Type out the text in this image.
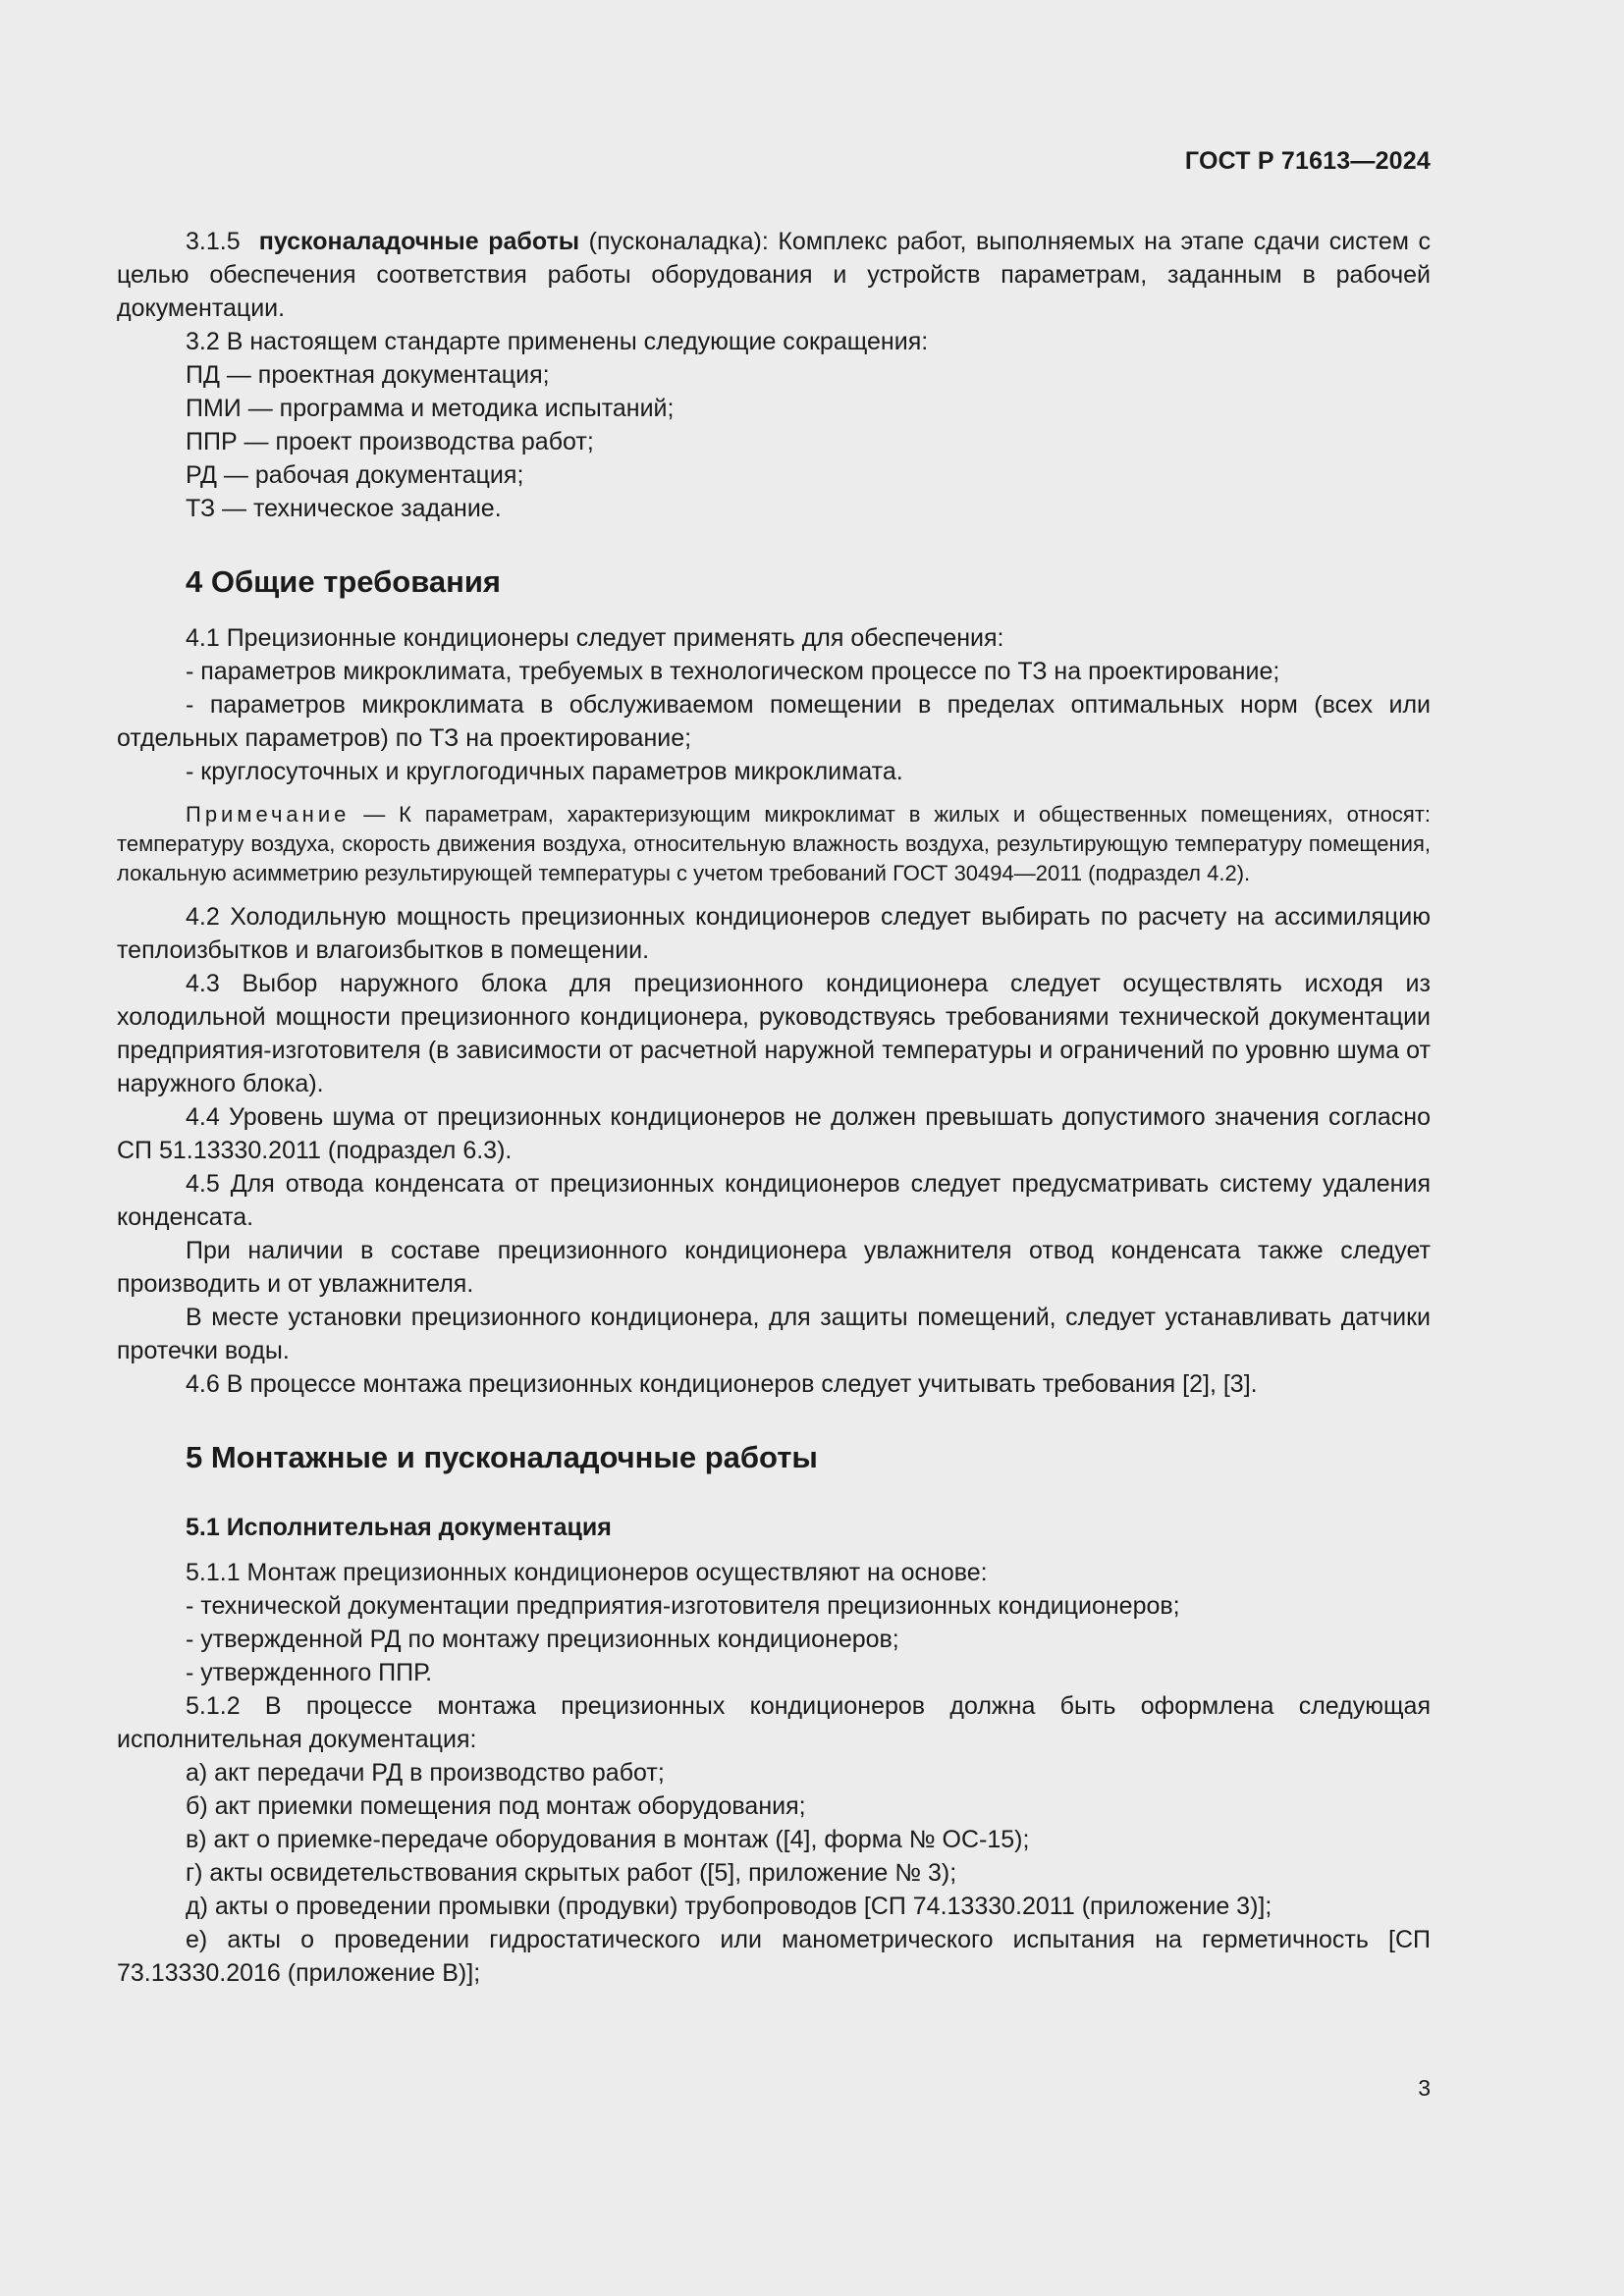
ГОСТ Р 71613—2024

3.1.5 пусконаладочные работы (пусконаладка): Комплекс работ, выполняемых на этапе сдачи систем с целью обеспечения соответствия работы оборудования и устройств параметрам, заданным в рабочей документации.

3.2 В настоящем стандарте применены следующие сокращения:

ПД — проектная документация;

ПМИ — программа и методика испытаний;

ППР — проект производства работ;

РД — рабочая документация;

ТЗ — техническое задание.

4 Общие требования

4.1 Прецизионные кондиционеры следует применять для обеспечения:

- параметров микроклимата, требуемых в технологическом процессе по ТЗ на проектирование;

- параметров микроклимата в обслуживаемом помещении в пределах оптимальных норм (всех или отдельных параметров) по ТЗ на проектирование;

- круглосуточных и круглогодичных параметров микроклимата.

Примечание — К параметрам, характеризующим микроклимат в жилых и общественных помещениях, относят: температуру воздуха, скорость движения воздуха, относительную влажность воздуха, результирующую температуру помещения, локальную асимметрию результирующей температуры с учетом требований ГОСТ 30494—2011 (подраздел 4.2).

4.2 Холодильную мощность прецизионных кондиционеров следует выбирать по расчету на ассимиляцию теплоизбытков и влагоизбытков в помещении.

4.3 Выбор наружного блока для прецизионного кондиционера следует осуществлять исходя из холодильной мощности прецизионного кондиционера, руководствуясь требованиями технической документации предприятия-изготовителя (в зависимости от расчетной наружной температуры и ограничений по уровню шума от наружного блока).

4.4 Уровень шума от прецизионных кондиционеров не должен превышать допустимого значения согласно СП 51.13330.2011 (подраздел 6.3).

4.5 Для отвода конденсата от прецизионных кондиционеров следует предусматривать систему удаления конденсата.

При наличии в составе прецизионного кондиционера увлажнителя отвод конденсата также следует производить и от увлажнителя.

В месте установки прецизионного кондиционера, для защиты помещений, следует устанавливать датчики протечки воды.

4.6 В процессе монтажа прецизионных кондиционеров следует учитывать требования [2], [3].

5 Монтажные и пусконаладочные работы
5.1 Исполнительная документация

5.1.1 Монтаж прецизионных кондиционеров осуществляют на основе:

- технической документации предприятия-изготовителя прецизионных кондиционеров;

- утвержденной РД по монтажу прецизионных кондиционеров;

- утвержденного ППР.

5.1.2 В процессе монтажа прецизионных кондиционеров должна быть оформлена следующая исполнительная документация:

а) акт передачи РД в производство работ;

б) акт приемки помещения под монтаж оборудования;

в) акт о приемке-передаче оборудования в монтаж ([4], форма № ОС-15);

г) акты освидетельствования скрытых работ ([5], приложение № 3);

д) акты о проведении промывки (продувки) трубопроводов [СП 74.13330.2011 (приложение 3)];

е) акты о проведении гидростатического или манометрического испытания на герметичность [СП 73.13330.2016 (приложение В)];

3
